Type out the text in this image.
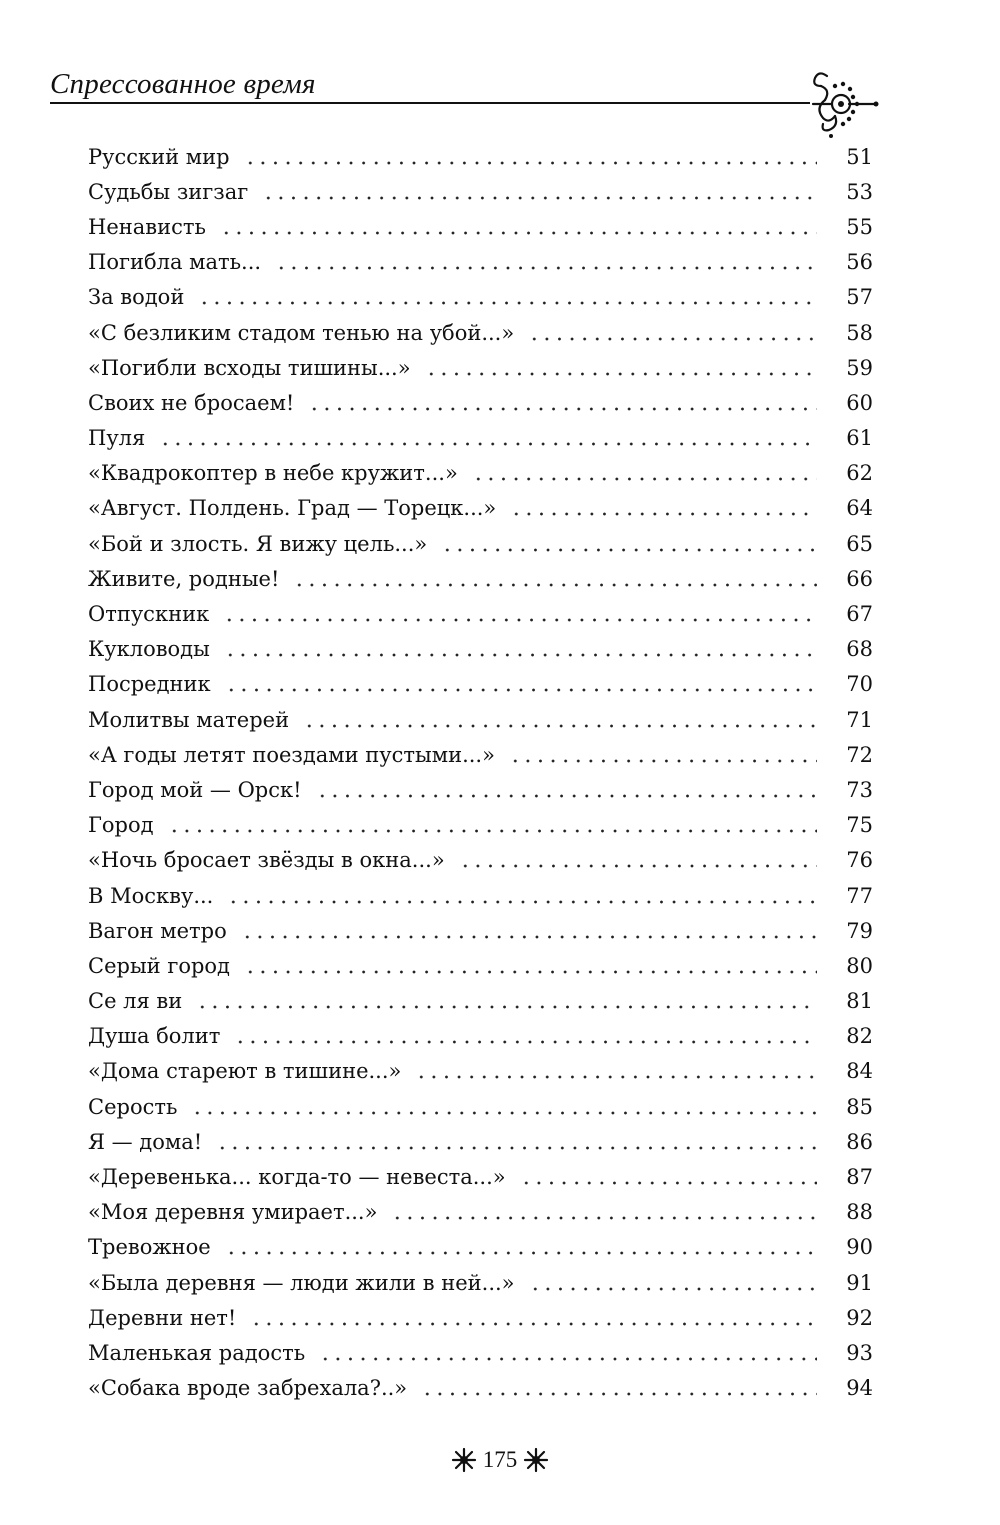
Спрессованное время
Русский мир	51
Судьбы зигзаг	53
Ненависть	55
Погибла мать...	56
За водой	57
«С безликим стадом тенью на убой...»	58
«Погибли всходы тишины...»	59
Своих не бросаем!	60
Пуля	61
«Квадрокоптер в небе кружит...»	62
«Август. Полдень. Град — Торецк...»	64
«Бой и злость. Я вижу цель...»	65
Живите, родные!	66
Отпускник	67
Кукловоды	68
Посредник	70
Молитвы матерей	71
«А годы летят поездами пустыми...»	72
Город мой — Орск!	73
Город	75
«Ночь бросает звёзды в окна...»	76
В Москву...	77
Вагон метро	79
Серый город	80
Се ля ви	81
Душа болит	82
«Дома стареют в тишине...»	84
Серость	85
Я — дома!	86
«Деревенька... когда-то — невеста...»	87
«Моя деревня умирает...»	88
Тревожное	90
«Была деревня — люди жили в ней...»	91
Деревни нет!	92
Маленькая радость	93
«Собака вроде забрехала?..»	94
175
